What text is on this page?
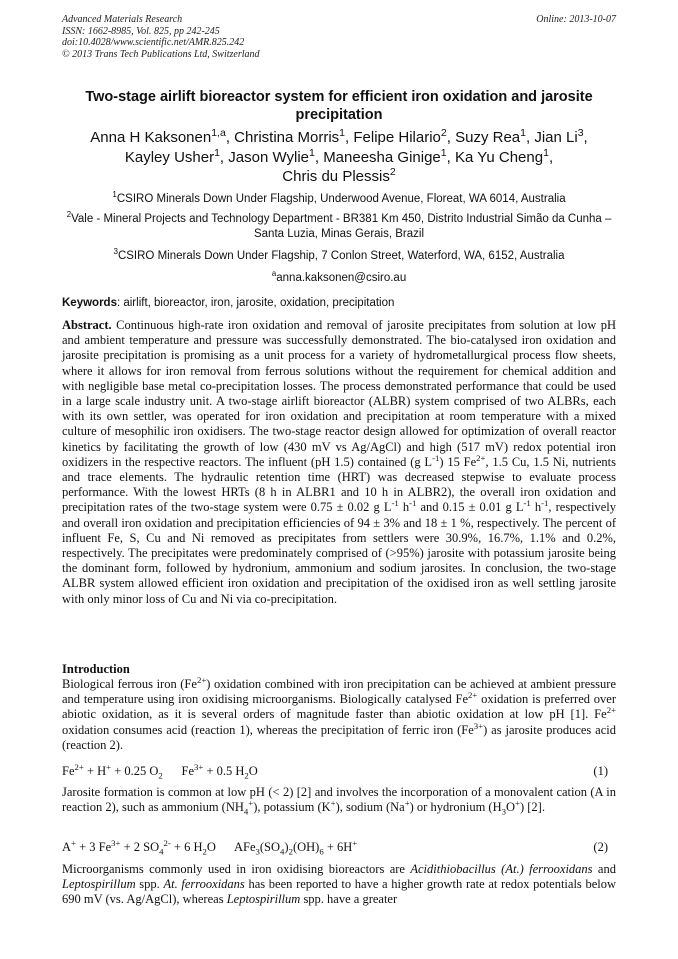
Advanced Materials Research
ISSN: 1662-8985, Vol. 825, pp 242-245
doi:10.4028/www.scientific.net/AMR.825.242
© 2013 Trans Tech Publications Ltd, Switzerland
Online: 2013-10-07
Two-stage airlift bioreactor system for efficient iron oxidation and jarosite precipitation
Anna H Kaksonen$^{1,a}$, Christina Morris$^1$, Felipe Hilario$^2$, Suzy Rea$^1$, Jian Li$^3$,
Kayley Usher$^1$, Jason Wylie$^1$, Maneesha Ginige$^1$, Ka Yu Cheng$^1$,
Chris du Plessis$^2$
$^1$CSIRO Minerals Down Under Flagship, Underwood Avenue, Floreat, WA 6014, Australia
$^2$Vale - Mineral Projects and Technology Department - BR381 Km 450, Distrito Industrial Simão da Cunha – Santa Luzia, Minas Gerais, Brazil
$^3$CSIRO Minerals Down Under Flagship, 7 Conlon Street, Waterford, WA, 6152, Australia
$^a$anna.kaksonen@csiro.au
Keywords: airlift, bioreactor, iron, jarosite, oxidation, precipitation
Abstract. Continuous high-rate iron oxidation and removal of jarosite precipitates from solution at low pH and ambient temperature and pressure was successfully demonstrated. The bio-catalysed iron oxidation and jarosite precipitation is promising as a unit process for a variety of hydrometallurgical process flow sheets, where it allows for iron removal from ferrous solutions without the requirement for chemical addition and with negligible base metal co-precipitation losses. The process demonstrated performance that could be used in a large scale industry unit. A two-stage airlift bioreactor (ALBR) system comprised of two ALBRs, each with its own settler, was operated for iron oxidation and precipitation at room temperature with a mixed culture of mesophilic iron oxidisers. The two-stage reactor design allowed for optimization of overall reactor kinetics by facilitating the growth of low (430 mV vs Ag/AgCl) and high (517 mV) redox potential iron oxidizers in the respective reactors. The influent (pH 1.5) contained (g $L^{-1}$) 15 $Fe^{2+}$, 1.5 Cu, 1.5 Ni, nutrients and trace elements. The hydraulic retention time (HRT) was decreased stepwise to evaluate process performance. With the lowest HRTs (8 h in ALBR1 and 10 h in ALBR2), the overall iron oxidation and precipitation rates of the two-stage system were 0.75 ± 0.02 g $L^{-1}$ $h^{-1}$ and 0.15 ± 0.01 g $L^{-1}$ $h^{-1}$, respectively and overall iron oxidation and precipitation efficiencies of 94 ± 3% and 18 ± 1 %, respectively. The percent of influent Fe, S, Cu and Ni removed as precipitates from settlers were 30.9%, 16.7%, 1.1% and 0.2%, respectively. The precipitates were predominately comprised of (>95%) jarosite with potassium jarosite being the dominant form, followed by hydronium, ammonium and sodium jarosites. In conclusion, the two-stage ALBR system allowed efficient iron oxidation and precipitation of the oxidised iron as well settling jarosite with only minor loss of Cu and Ni via co-precipitation.
Introduction
Biological ferrous iron $(Fe^{2+})$ oxidation combined with iron precipitation can be achieved at ambient pressure and temperature using iron oxidising microorganisms. Biologically catalysed $Fe^{2+}$ oxidation is preferred over abiotic oxidation, as it is several orders of magnitude faster than abiotic oxidation at low pH [1]. $Fe^{2+}$ oxidation consumes acid (reaction 1), whereas the precipitation of ferric iron $(Fe^{3+})$ as jarosite produces acid (reaction 2).
$Fe^{2+} + H^+ + 0.25$ $O_2$      $Fe^{3+} + 0.5$ $H_2O$	(1)
Jarosite formation is common at low pH (< 2) [2] and involves the incorporation of a monovalent cation (A in reaction 2), such as ammonium $(NH_4^+)$, potassium (K+), sodium (Na+) or hydronium $(H_3O^+)$ [2].
A+ + 3 $Fe^{3+} + 2$ $SO_4^{2-} + 6$ $H_2O$      $AFe_3(SO_4)_2(OH)_6 + 6H^+$	(2)
Microorganisms commonly used in iron oxidising bioreactors are Acidithiobacillus (At.) ferrooxidans and Leptospirillum spp. At. ferrooxidans has been reported to have a higher growth rate at redox potentials below 690 mV (vs. Ag/AgCl), whereas Leptospirillum spp. have a greater
